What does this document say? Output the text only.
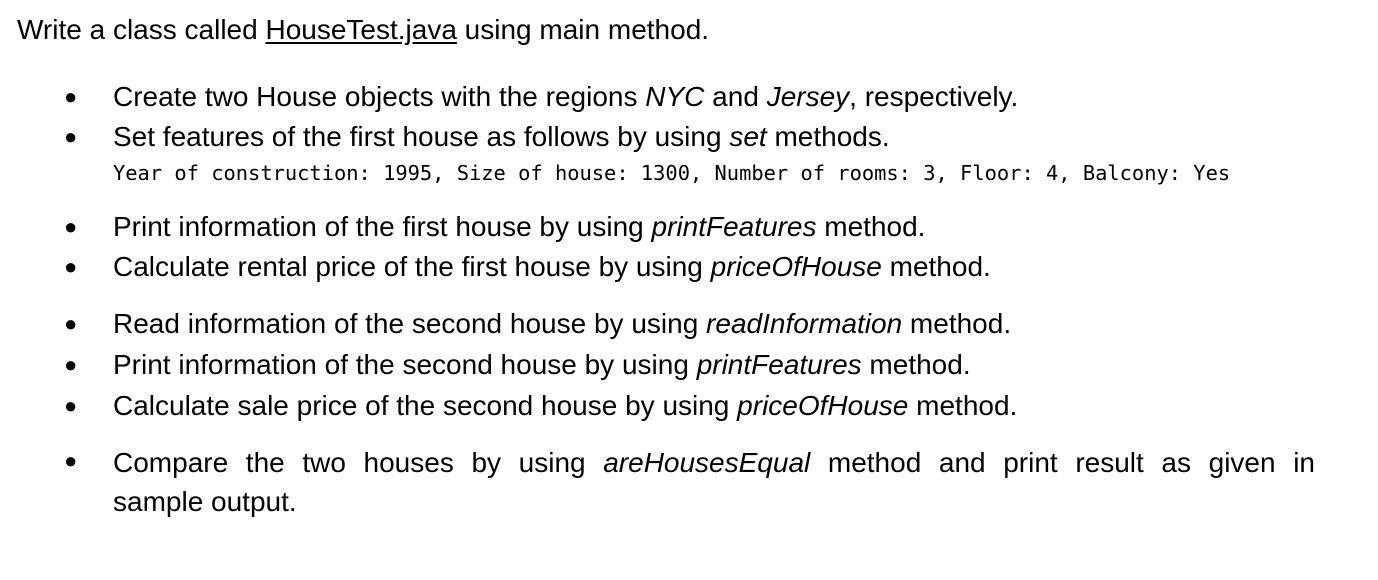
Write a class called HouseTest.java using main method.
● Create two House objects with the regions NYC and Jersey, respectively.
● Set features of the first house as follows by using set methods.
Year of construction: 1995, Size of house: 1300, Number of rooms: 3, Floor: 4, Balcony: Yes
● Print information of the first house by using printFeatures method.
● Calculate rental price of the first house by using priceOfHouse method.
● Read information of the second house by using readInformation method.
● Print information of the second house by using printFeatures method.
● Calculate sale price of the second house by using priceOfHouse method.
● Compare the two houses by using areHousesEqual method and print result as given in
sample output.
